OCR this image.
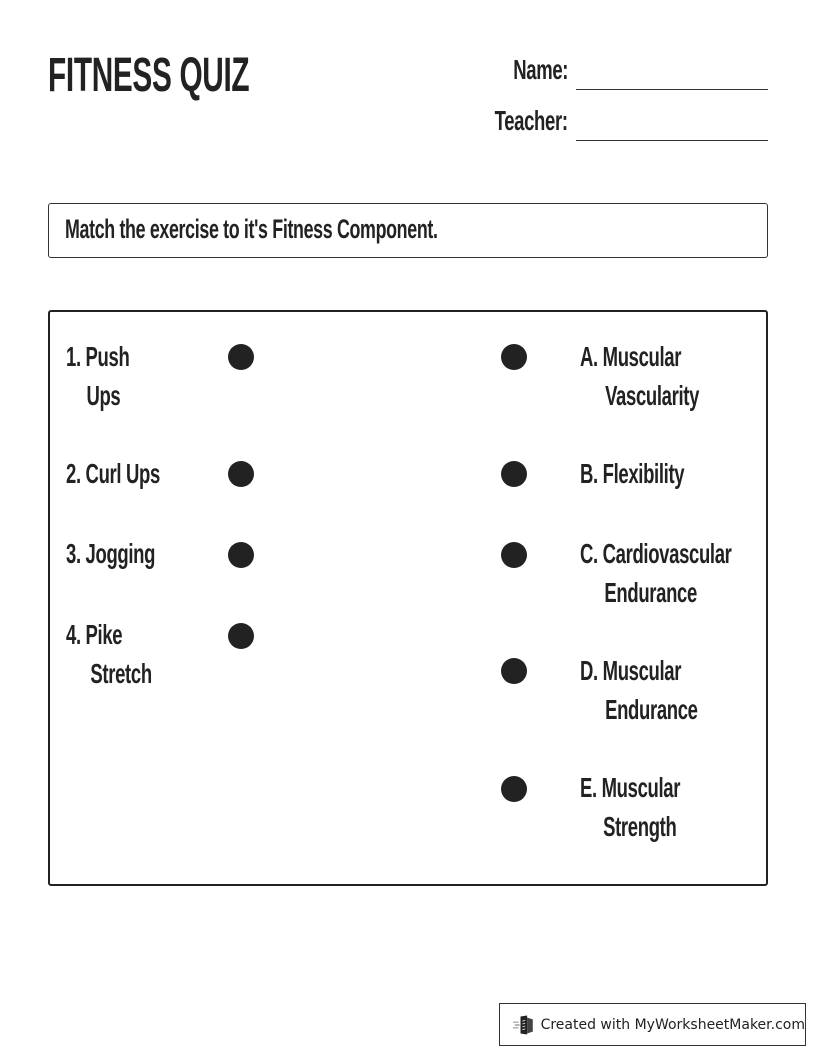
FITNESS QUIZ	Name:
Teacher:
Match the exercise to it's Fitness Component.
1. Push
Ups
2. Curl Ups
3. Jogging
4. Pike
Stretch
A. Muscular
Vascularity
B. Flexibility
C. Cardiovascular
Endurance
D. Muscular
Endurance
E. Muscular
Strength
Created with MyWorksheetMaker.com
